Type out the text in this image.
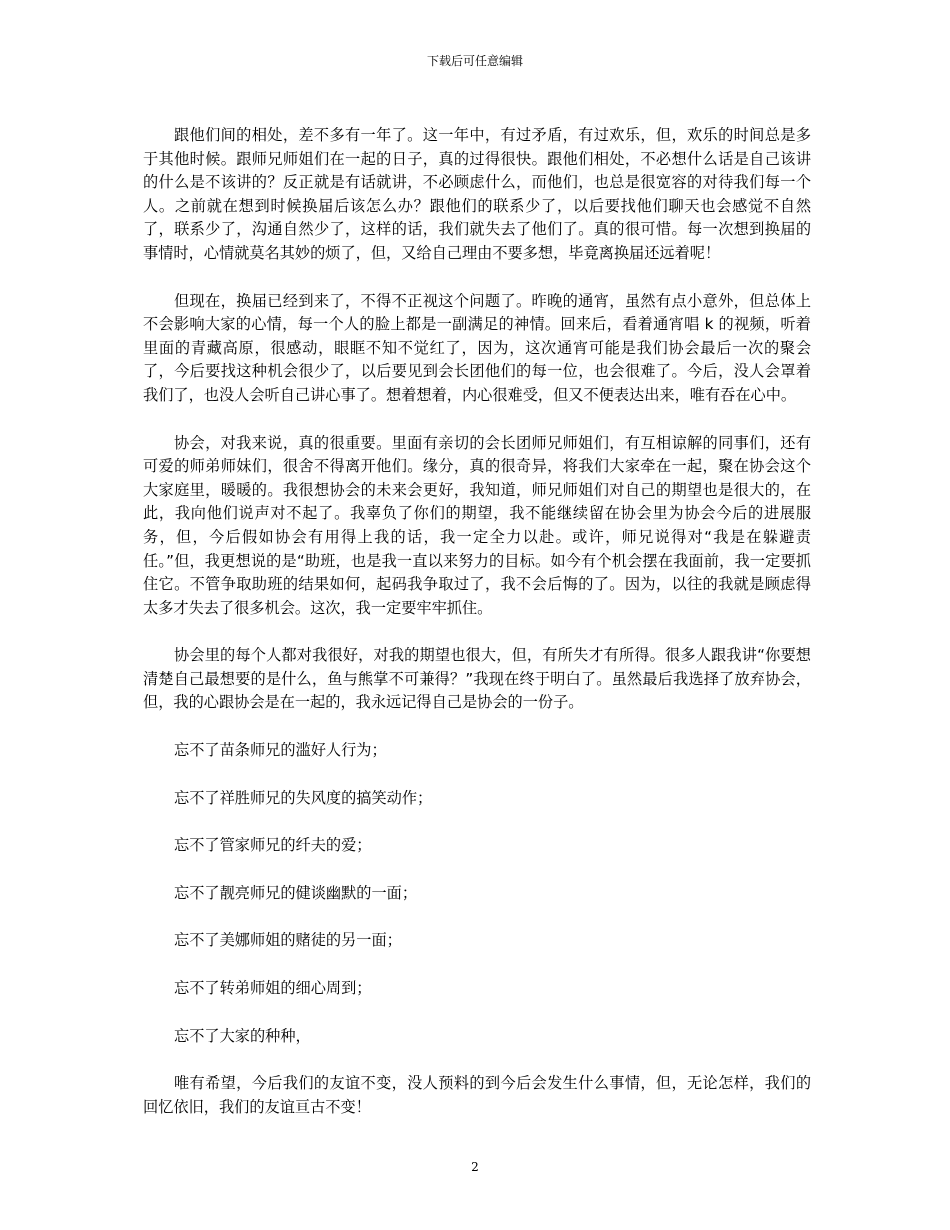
下载后可任意编辑

跟他们间的相处，差不多有一年了。这一年中，有过矛盾，有过欢乐，但，欢乐的时间总是多于其他时候。跟师兄师姐们在一起的日子，真的过得很快。跟他们相处，不必想什么话是自己该讲的什么是不该讲的？反正就是有话就讲，不必顾虑什么，而他们，也总是很宽容的对待我们每一个人。之前就在想到时候换届后该怎么办？跟他们的联系少了，以后要找他们聊天也会感觉不自然了，联系少了，沟通自然少了，这样的话，我们就失去了他们了。真的很可惜。每一次想到换届的事情时，心情就莫名其妙的烦了，但，又给自己理由不要多想，毕竟离换届还远着呢！

但现在，换届已经到来了，不得不正视这个问题了。昨晚的通宵，虽然有点小意外，但总体上不会影响大家的心情，每一个人的脸上都是一副满足的神情。回来后，看着通宵唱 k 的视频，听着里面的青藏高原，很感动，眼眶不知不觉红了，因为，这次通宵可能是我们协会最后一次的聚会了，今后要找这种机会很少了，以后要见到会长团他们的每一位，也会很难了。今后，没人会罩着我们了，也没人会听自己讲心事了。想着想着，内心很难受，但又不便表达出来，唯有吞在心中。

协会，对我来说，真的很重要。里面有亲切的会长团师兄师姐们，有互相谅解的同事们，还有可爱的师弟师妹们，很舍不得离开他们。缘分，真的很奇异，将我们大家牵在一起，聚在协会这个大家庭里，暖暖的。我很想协会的未来会更好，我知道，师兄师姐们对自己的期望也是很大的，在此，我向他们说声对不起了。我辜负了你们的期望，我不能继续留在协会里为协会今后的进展服务，但，今后假如协会有用得上我的话，我一定全力以赴。或许，师兄说得对“我是在躲避责任。”但，我更想说的是“助班，也是我一直以来努力的目标。如今有个机会摆在我面前，我一定要抓住它。不管争取助班的结果如何，起码我争取过了，我不会后悔的了。因为，以往的我就是顾虑得太多才失去了很多机会。这次，我一定要牢牢抓住。

协会里的每个人都对我很好，对我的期望也很大，但，有所失才有所得。很多人跟我讲“你要想清楚自己最想要的是什么，鱼与熊掌不可兼得？”我现在终于明白了。虽然最后我选择了放弃协会，但，我的心跟协会是在一起的，我永远记得自己是协会的一份子。

忘不了苗条师兄的滥好人行为；

忘不了祥胜师兄的失风度的搞笑动作；

忘不了管家师兄的纤夫的爱；

忘不了靓亮师兄的健谈幽默的一面；

忘不了美娜师姐的赌徒的另一面；

忘不了转弟师姐的细心周到；

忘不了大家的种种，

唯有希望，今后我们的友谊不变，没人预料的到今后会发生什么事情，但，无论怎样，我们的回忆依旧，我们的友谊亘古不变！

2
